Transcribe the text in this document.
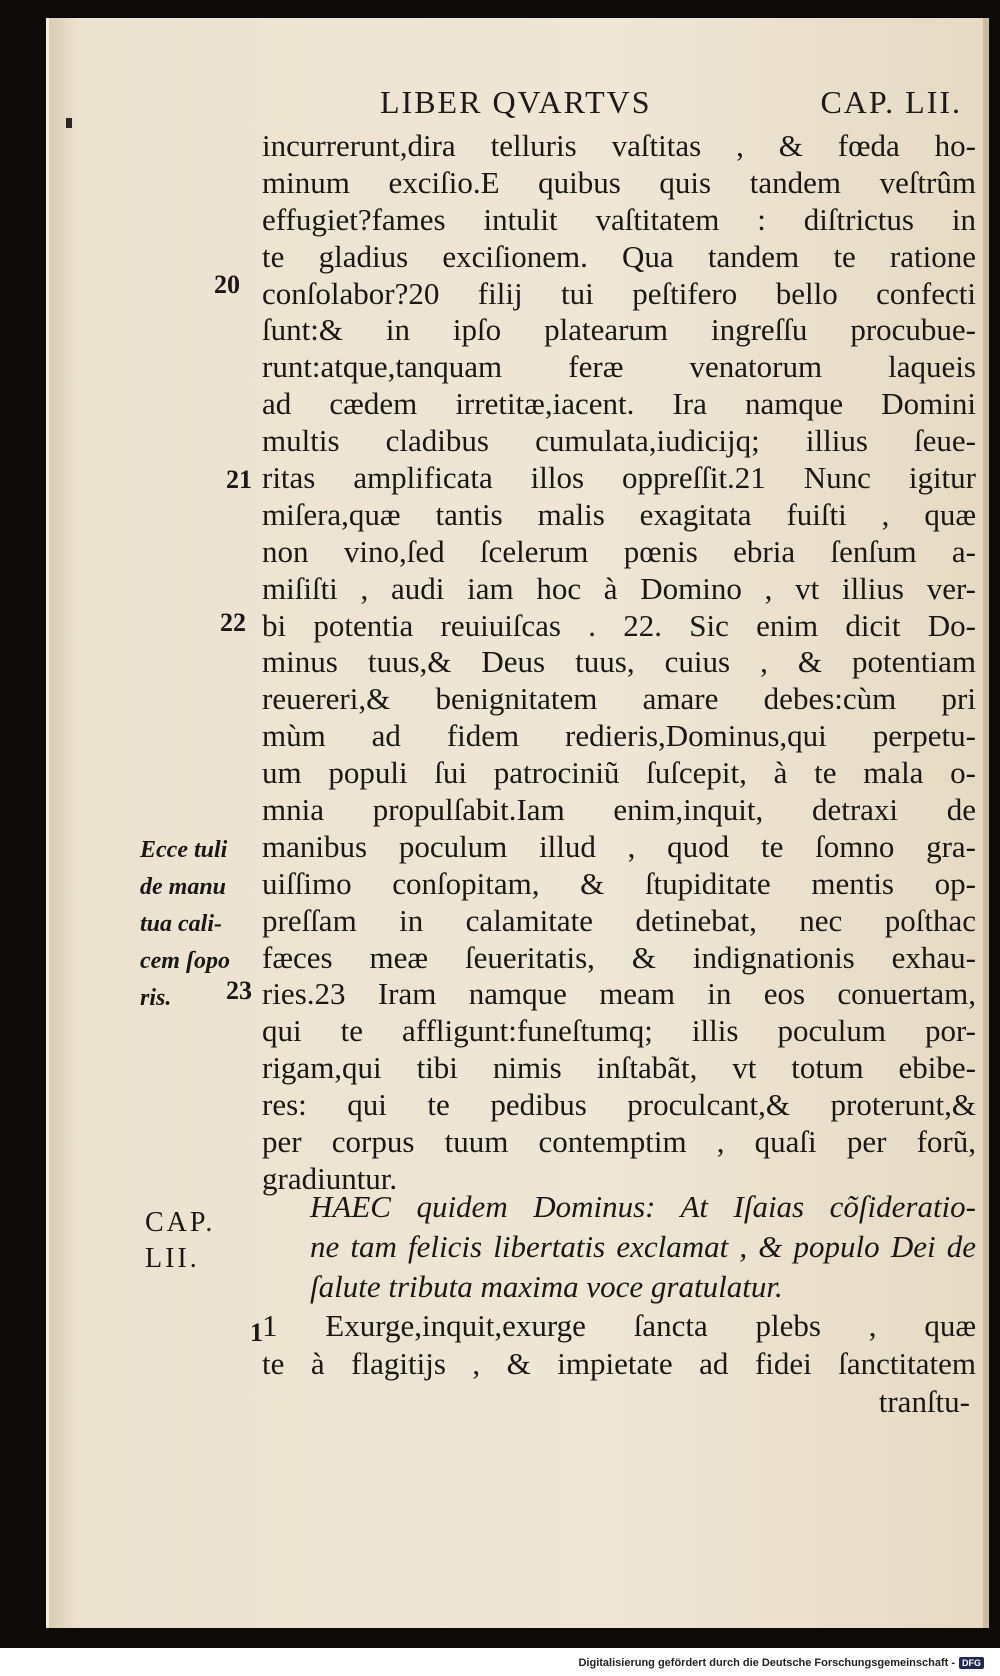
LIBER QVARTVS	CAP. LII.
incurrerunt,dira telluris vaſtitas , & fœda ho-
minum exciſio.E quibus quis tandem veſtrûm
effugiet?fames intulit vaſtitatem : diſtrictus in
te gladius exciſionem. Qua tandem te ratione
conſolabor?20 filij tui peſtifero bello confecti
ſunt:& in ipſo platearum ingreſſu procubue-
runt:atque,tanquam feræ venatorum laqueis
ad cædem irretitæ,iacent. Ira namque Domini
multis cladibus cumulata,iudicijq; illius ſeue-
ritas amplificata illos oppreſſit.21 Nunc igitur
miſera,quæ tantis malis exagitata fuiſti , quæ
non vino,ſed ſcelerum pœnis ebria ſenſum a-
miſiſti , audi iam hoc à Domino , vt illius ver-
bi potentia reuiuiſcas . 22. Sic enim dicit Do-
minus tuus,& Deus tuus, cuius , & potentiam
reuereri,& benignitatem amare debes:cùm pri
mùm ad fidem redieris,Dominus,qui perpetu-
um populi ſui patrociniũ ſuſcepit, à te mala o-
mnia propulſabit.Iam enim,inquit, detraxi de
manibus poculum illud , quod te ſomno gra-
uiſſimo conſopitam, & ſtupiditate mentis op-
preſſam in calamitate detinebat, nec poſthac
fæces meæ ſeueritatis, & indignationis exhau-
ries.23 Iram namque meam in eos conuertam,
qui te affligunt:funeſtumq; illis poculum por-
rigam,qui tibi nimis inſtabãt, vt totum ebibe-
res: qui te pedibus proculcant,& proterunt,&
per corpus tuum contemptim , quaſi per forũ,
gradiuntur.
20
21
22
23
Ecce tuli
de manu
tua cali-
cem ſopo
ris.
CAP.
LII.
HAEC quidem Dominus: At Iſaias cõſideratio-
ne tam felicis libertatis exclamat , & populo Dei de
ſalute tributa maxima voce gratulatur.
1 1 Exurge,inquit,exurge ſancta plebs , quæ
te à flagitijs , & impietate ad fidei ſanctitatem
tranſtu-
Digitalisierung gefördert durch die Deutsche Forschungsgemeinschaft - DFG
